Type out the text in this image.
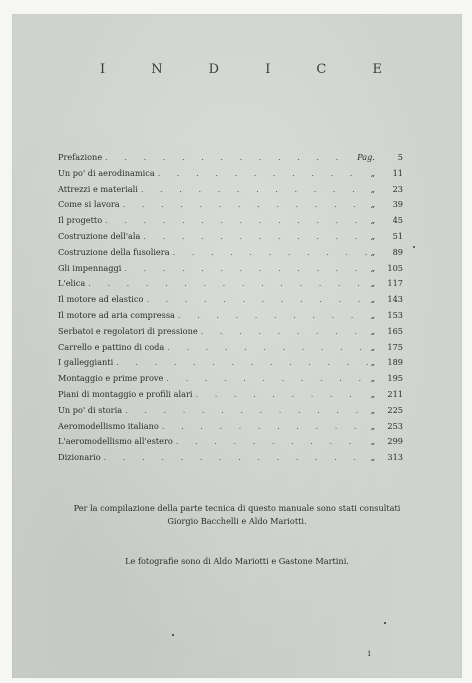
I	N	D	I	C	E
Prefazione . . .	Pag.	5
Un po' di aerodinamica . . .	„	11
Attrezzi e materiali . . .	„	23
Come si lavora . . .	„	39
Il progetto . . .	„	45
Costruzione dell'ala . . .	„	51
Costruzione della fusoliera . . .	„	89
Gli impennaggi . . .	„	105
L'elica . . .	„	117
Il motore ad elastico . . .	„	143
Il motore ad aria compressa . . .	„	153
Serbatoi e regolatori di pressione . . .	„	165
Carrello e pattino di coda . . .	„	175
I galleggianti . . .	„	189
Montaggio e prime prove . . .	„	195
Piani di montaggio e profili alari . . .	„	211
Un po' di storia . . .	„	225
Aeromodellismo italiano . . .	„	253
L'aeromodellismo all'estero . . .	„	299
Dizionario . . .	„	313
Per la compilazione della parte tecnica di questo manuale sono stati consultati
Giorgio Bacchelli e Aldo Mariotti.
Le fotografie sono di Aldo Mariotti e Gastone Martini.
1
